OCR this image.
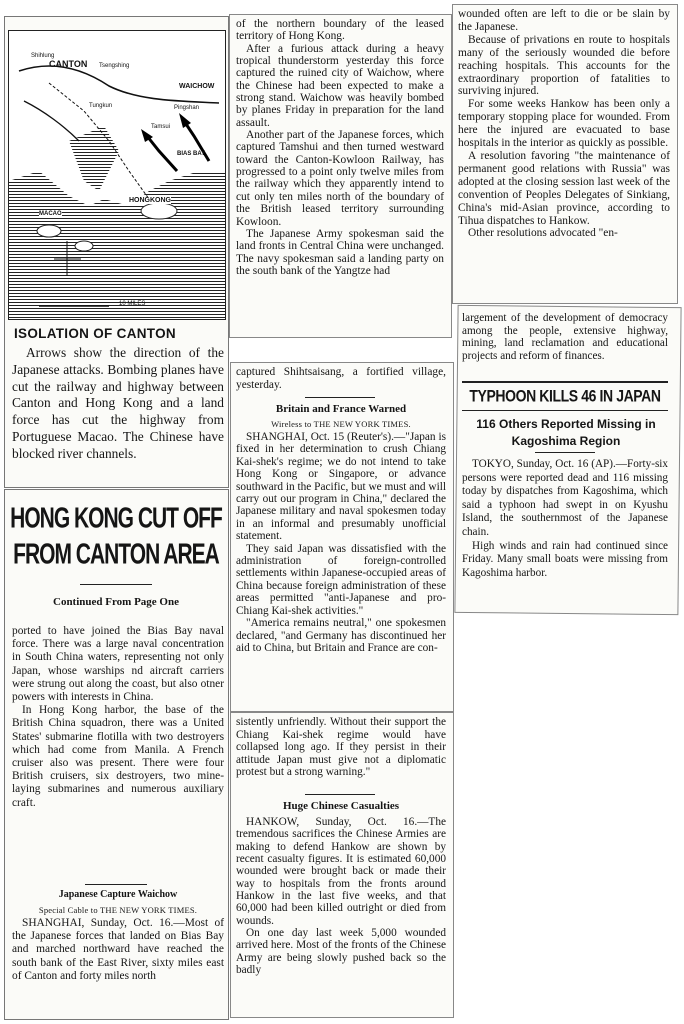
Shihlung
CANTON Tsengshing
WAICHOW
Pingshan
Tamsui
Tungkun
BIAS BAY
MACAO
HONGKONG
10 MILES
ISOLATION OF CANTON
Arrows show the direction of the Japanese attacks. Bombing planes have cut the railway and highway between Canton and Hong Kong and a land force has cut the highway from Portuguese Macao. The Chinese have blocked river channels.
HONG KONG CUT OFF
FROM CANTON AREA
Continued From Page One

ported to have joined the Bias Bay naval force. There was a large naval concentration in South China waters, representing not only Japan, whose warships nd aircraft carriers were strung out along the coast, but also otner powers with interests in China.

In Hong Kong harbor, the base of the British China squadron, there was a United States' submarine flotilla with two destroyers which had come from Manila. A French cruiser also was present. There were four British cruisers, six destroyers, two mine-laying submarines and numerous auxiliary craft.

Japanese Capture Waichow
Special Cable to THE NEW YORK TIMES.

SHANGHAI, Sunday, Oct. 16.—Most of the Japanese forces that landed on Bias Bay and marched northward have reached the south bank of the East River, sixty miles east of Canton and forty miles north

of the northern boundary of the leased territory of Hong Kong.

After a furious attack during a heavy tropical thunderstorm yesterday this force captured the ruined city of Waichow, where the Chinese had been expected to make a strong stand. Waichow was heavily bombed by planes Friday in preparation for the land assault.

Another part of the Japanese forces, which captured Tamshui and then turned westward toward the Canton-Kowloon Railway, has progressed to a point only twelve miles from the railway which they apparently intend to cut only ten miles north of the boundary of the British leased territory surrounding Kowloon.

The Japanese Army spokesman said the land fronts in Central China were unchanged. The navy spokesman said a landing party on the south bank of the Yangtze had

captured Shihtsaisang, a fortified village, yesterday.

Britain and France Warned
Wireless to THE NEW YORK TIMES.

SHANGHAI, Oct. 15 (Reuter's).—"Japan is fixed in her determination to crush Chiang Kai-shek's regime; we do not intend to take Hong Kong or Singapore, or advance southward in the Pacific, but we must and will carry out our program in China," declared the Japanese military and naval spokesmen today in an informal and presumably unofficial statement.

They said Japan was dissatisfied with the administration of foreign-controlled settlements within Japanese-occupied areas of China because foreign administration of these areas permitted "anti-Japanese and pro-Chiang Kai-shek activities."

"America remains neutral," one spokesmen declared, "and Germany has discontinued her aid to China, but Britain and France are con-

sistently unfriendly. Without their support the Chiang Kai-shek regime would have collapsed long ago. If they persist in their attitude Japan must give not a diplomatic protest but a strong warning."

Huge Chinese Casualties

HANKOW, Sunday, Oct. 16.—The tremendous sacrifices the Chinese Armies are making to defend Hankow are shown by recent casualty figures. It is estimated 60,000 wounded were brought back or made their way to hospitals from the fronts around Hankow in the last five weeks, and that 60,000 had been killed outright or died from wounds.

On one day last week 5,000 wounded arrived here. Most of the fronts of the Chinese Army are being slowly pushed back so the badly

wounded often are left to die or be slain by the Japanese.

Because of privations en route to hospitals many of the seriously wounded die before reaching hospitals. This accounts for the extraordinary proportion of fatalities to surviving injured.

For some weeks Hankow has been only a temporary stopping place for wounded. From here the injured are evacuated to base hospitals in the interior as quickly as possible.

A resolution favoring "the maintenance of permanent good relations with Russia" was adopted at the closing session last week of the convention of Peoples Delegates of Sinkiang, China's mid-Asian province, according to Tihua dispatches to Hankow.

Other resolutions advocated "en-

largement of the development of democracy among the people, extensive highway, mining, land reclamation and educational projects and reform of finances.

TYPHOON KILLS 46 IN JAPAN
116 Others Reported Missing in Kagoshima Region

TOKYO, Sunday, Oct. 16 (AP).—Forty-six persons were reported dead and 116 missing today by dispatches from Kagoshima, which said a typhoon had swept in on Kyushu Island, the southernmost of the Japanese chain.

High winds and rain had continued since Friday. Many small boats were missing from Kagoshima harbor.
